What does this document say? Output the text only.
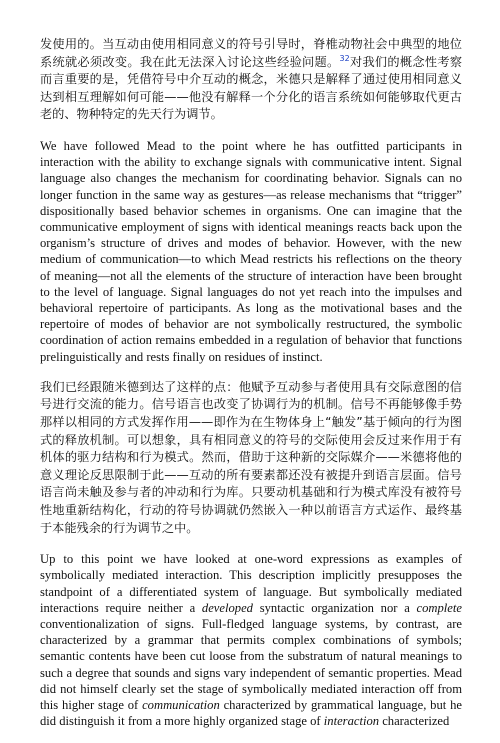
发使用的。当互动由使用相同意义的符号引导时，脊椎动物社会中典型的地位系统就必须改变。我在此无法深入讨论这些经验问题。$^{32}$对我们的概念性考察而言重要的是，凭借符号中介互动的概念，米德只是解释了通过使用相同意义达到相互理解如何可能——他没有解释一个分化的语言系统如何能够取代更古老的、物种特定的先天行为调节。

We have followed Mead to the point where he has outfitted participants in interaction with the ability to exchange signals with communicative intent. Signal language also changes the mechanism for coordinating behavior. Signals can no longer function in the same way as gestures—as release mechanisms that “trigger” dispositionally based behavior schemes in organisms. One can imagine that the communicative employment of signs with identical meanings reacts back upon the organism’s structure of drives and modes of behavior. However, with the new medium of communication—to which Mead restricts his reflections on the theory of meaning—not all the elements of the structure of interaction have been brought to the level of language. Signal languages do not yet reach into the impulses and behavioral repertoire of participants. As long as the motivational bases and the repertoire of modes of behavior are not symbolically restructured, the symbolic coordination of action remains embedded in a regulation of behavior that functions prelinguistically and rests finally on residues of instinct.

我们已经跟随米德到达了这样的点：他赋予互动参与者使用具有交际意图的信号进行交流的能力。信号语言也改变了协调行为的机制。信号不再能够像手势那样以相同的方式发挥作用——即作为在生物体身上“触发”基于倾向的行为图式的释放机制。可以想象，具有相同意义的符号的交际使用会反过来作用于有机体的驱力结构和行为模式。然而，借助于这种新的交际媒介——米德将他的意义理论反思限制于此——互动的所有要素都还没有被提升到语言层面。信号语言尚未触及参与者的冲动和行为库。只要动机基础和行为模式库没有被符号性地重新结构化，行动的符号协调就仍然嵌入一种以前语言方式运作、最终基于本能残余的行为调节之中。

Up to this point we have looked at one-word expressions as examples of symbolically mediated interaction. This description implicitly presupposes the standpoint of a differentiated system of language. But symbolically mediated interactions require neither a developed syntactic organization nor a complete conventionalization of signs. Full-fledged language systems, by contrast, are characterized by a grammar that permits complex combinations of symbols; semantic contents have been cut loose from the substratum of natural meanings to such a degree that sounds and signs vary independent of semantic properties. Mead did not himself clearly set the stage of symbolically mediated interaction off from this higher stage of communication characterized by grammatical language, but he did distinguish it from a more highly organized stage of interaction characterized
